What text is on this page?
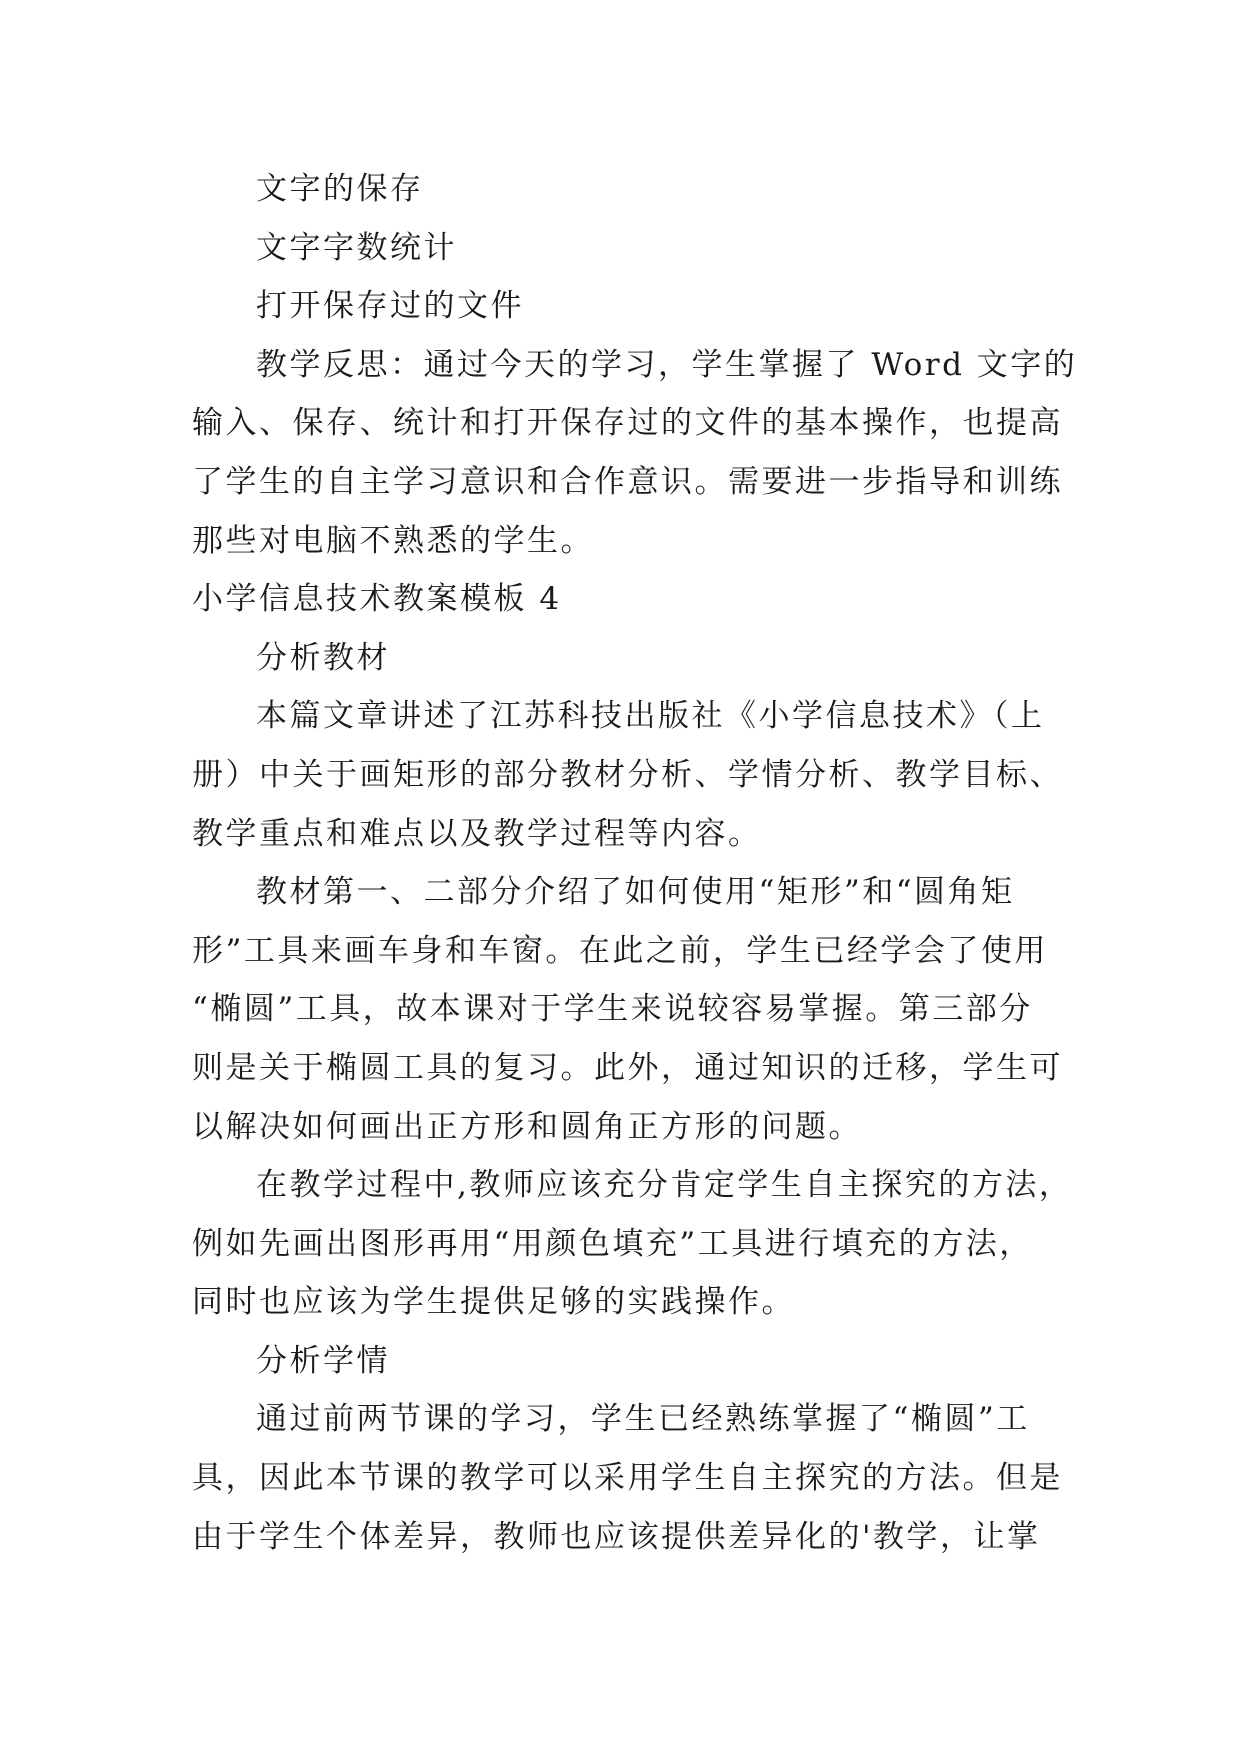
文字的保存
文字字数统计
打开保存过的文件
教学反思：通过今天的学习，学生掌握了 Word 文字的
输入、保存、统计和打开保存过的文件的基本操作，也提高
了学生的自主学习意识和合作意识。需要进一步指导和训练
那些对电脑不熟悉的学生。
小学信息技术教案模板 4
分析教材
本篇文章讲述了江苏科技出版社《小学信息技术》（上
册）中关于画矩形的部分教材分析、学情分析、教学目标、
教学重点和难点以及教学过程等内容。
教材第一、二部分介绍了如何使用“矩形”和“圆角矩
形”工具来画车身和车窗。在此之前，学生已经学会了使用
“椭圆”工具，故本课对于学生来说较容易掌握。第三部分
则是关于椭圆工具的复习。此外，通过知识的迁移，学生可
以解决如何画出正方形和圆角正方形的问题。
在教学过程中,教师应该充分肯定学生自主探究的方法，
例如先画出图形再用“用颜色填充”工具进行填充的方法，
同时也应该为学生提供足够的实践操作。
分析学情
通过前两节课的学习，学生已经熟练掌握了“椭圆”工
具，因此本节课的教学可以采用学生自主探究的方法。但是
由于学生个体差异，教师也应该提供差异化的'教学，让掌
